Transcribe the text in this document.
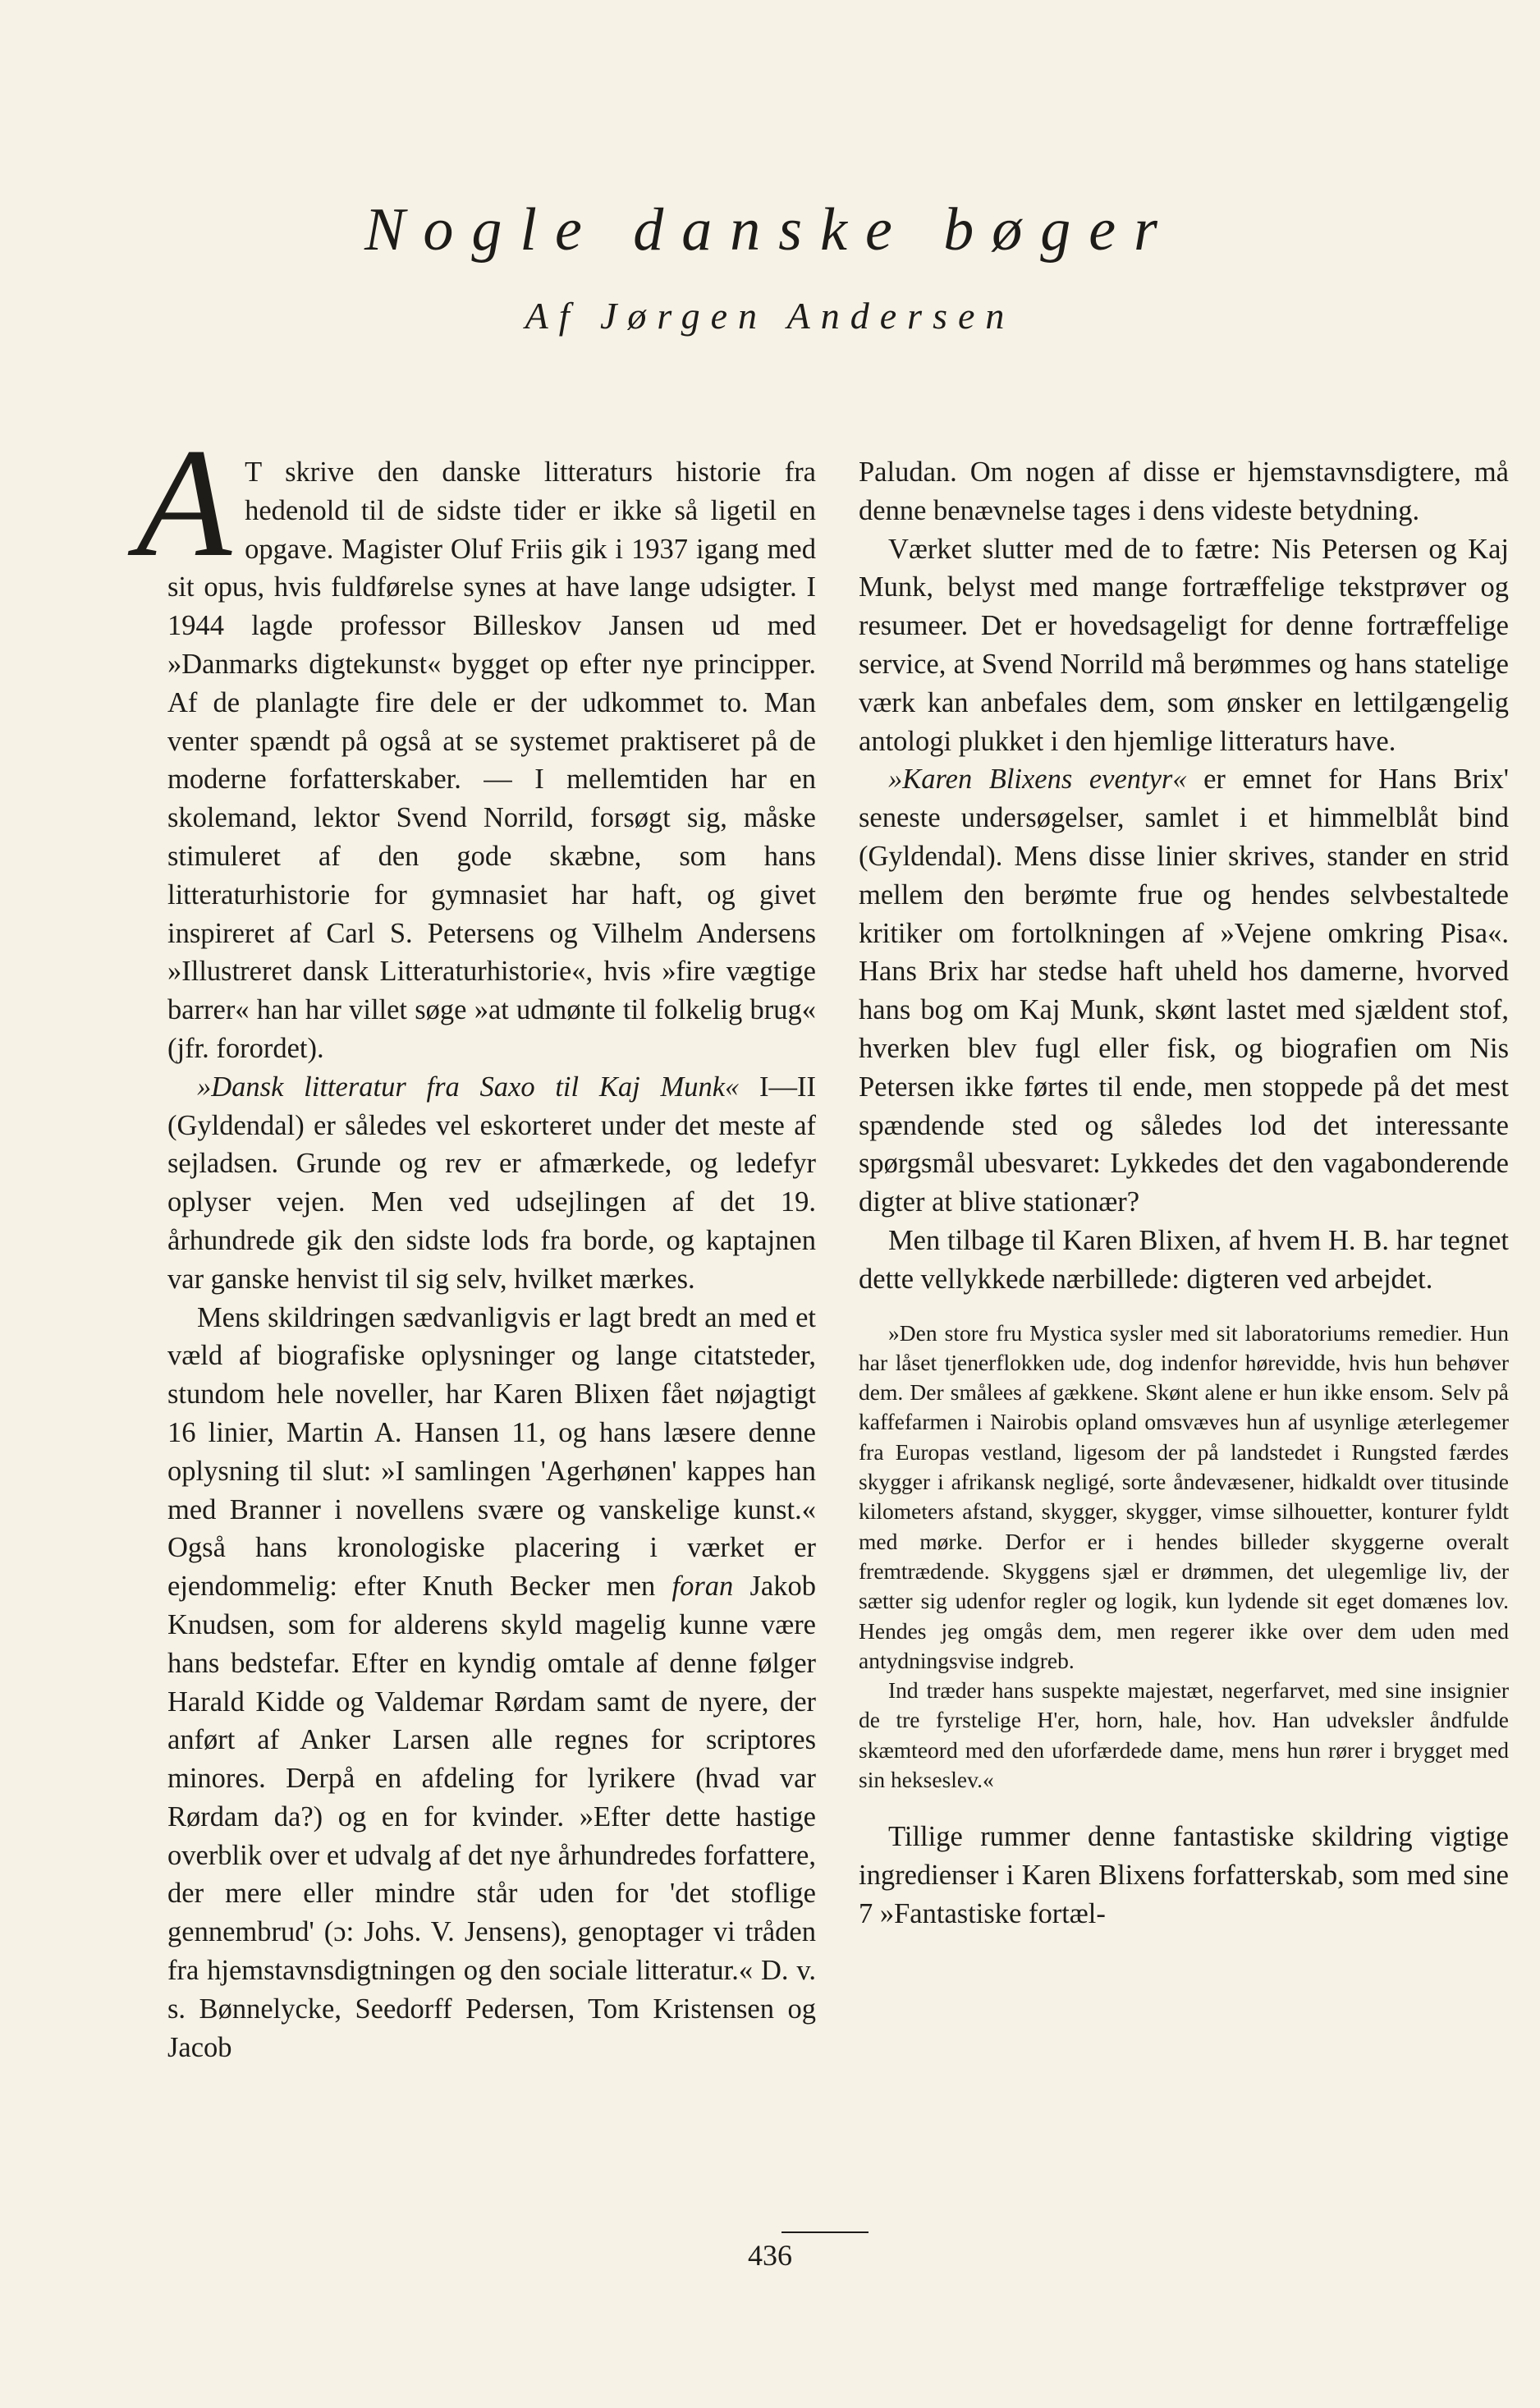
Nogle danske bøger
Af Jørgen Andersen

A T skrive den danske litteraturs historie fra hedenold til de sidste tider er ikke så ligetil en opgave. Magister Oluf Friis gik i 1937 igang med sit opus, hvis fuldførelse synes at have lange udsigter. I 1944 lagde professor Billeskov Jansen ud med »Danmarks digtekunst« bygget op efter nye principper. Af de planlagte fire dele er der udkommet to. Man venter spændt på også at se systemet praktiseret på de moderne forfatterskaber. — I mellemtiden har en skolemand, lektor Svend Norrild, forsøgt sig, måske stimuleret af den gode skæbne, som hans litteraturhistorie for gymnasiet har haft, og givet inspireret af Carl S. Petersens og Vilhelm Andersens »Illustreret dansk Litteraturhistorie«, hvis »fire vægtige barrer« han har villet søge »at udmønte til folkelig brug« (jfr. forordet).

»Dansk litteratur fra Saxo til Kaj Munk« I—II (Gyldendal) er således vel eskorteret under det meste af sejladsen. Grunde og rev er afmærkede, og ledefyr oplyser vejen. Men ved udsejlingen af det 19. århundrede gik den sidste lods fra borde, og kaptajnen var ganske henvist til sig selv, hvilket mærkes.

Mens skildringen sædvanligvis er lagt bredt an med et væld af biografiske oplysninger og lange citatsteder, stundom hele noveller, har Karen Blixen fået nøjagtigt 16 linier, Martin A. Hansen 11, og hans læsere denne oplysning til slut: »I samlingen 'Agerhønen' kappes han med Branner i novellens svære og vanskelige kunst.« Også hans kronologiske placering i værket er ejendommelig: efter Knuth Becker men foran Jakob Knudsen, som for alderens skyld magelig kunne være hans bedstefar. Efter en kyndig omtale af denne følger Harald Kidde og Valdemar Rørdam samt de nyere, der anført af Anker Larsen alle regnes for scriptores minores. Derpå en afdeling for lyrikere (hvad var Rørdam da?) og en for kvinder. »Efter dette hastige overblik over et udvalg af det nye århundredes forfattere, der mere eller mindre står uden for 'det stoflige gennembrud' (ɔ: Johs. V. Jensens), genoptager vi tråden fra hjemstavnsdigtningen og den sociale litteratur.« D. v. s. Bønnelycke, Seedorff Pedersen, Tom Kristensen og Jacob

Paludan. Om nogen af disse er hjemstavnsdigtere, må denne benævnelse tages i dens videste betydning.

Værket slutter med de to fætre: Nis Petersen og Kaj Munk, belyst med mange fortræffelige tekstprøver og resumeer. Det er hovedsageligt for denne fortræffelige service, at Svend Norrild må berømmes og hans statelige værk kan anbefales dem, som ønsker en lettilgængelig antologi plukket i den hjemlige litteraturs have.

»Karen Blixens eventyr« er emnet for Hans Brix' seneste undersøgelser, samlet i et himmelblåt bind (Gyldendal). Mens disse linier skrives, stander en strid mellem den berømte frue og hendes selvbestaltede kritiker om fortolkningen af »Vejene omkring Pisa«. Hans Brix har stedse haft uheld hos damerne, hvorved hans bog om Kaj Munk, skønt lastet med sjældent stof, hverken blev fugl eller fisk, og biografien om Nis Petersen ikke førtes til ende, men stoppede på det mest spændende sted og således lod det interessante spørgsmål ubesvaret: Lykkedes det den vagabonderende digter at blive stationær?

Men tilbage til Karen Blixen, af hvem H. B. har tegnet dette vellykkede nærbillede: digteren ved arbejdet.

»Den store fru Mystica sysler med sit laboratoriums remedier. Hun har låset tjenerflokken ude, dog indenfor hørevidde, hvis hun behøver dem. Der smålees af gækkene. Skønt alene er hun ikke ensom. Selv på kaffefarmen i Nairobis opland omsvæves hun af usynlige æterlegemer fra Europas vestland, ligesom der på landstedet i Rungsted færdes skygger i afrikansk negligé, sorte åndevæsener, hidkaldt over titusinde kilometers afstand, skygger, skygger, vimse silhouetter, konturer fyldt med mørke. Derfor er i hendes billeder skyggerne overalt fremtrædende. Skyggens sjæl er drømmen, det ulegemlige liv, der sætter sig udenfor regler og logik, kun lydende sit eget domænes lov. Hendes jeg omgås dem, men regerer ikke over dem uden med antydningsvise indgreb.

Ind træder hans suspekte majestæt, negerfarvet, med sine insignier de tre fyrstelige H'er, horn, hale, hov. Han udveksler åndfulde skæmteord med den uforfærdede dame, mens hun rører i brygget med sin hekseslev.«

Tillige rummer denne fantastiske skildring vigtige ingredienser i Karen Blixens forfatterskab, som med sine 7 »Fantastiske fortæl-

436
